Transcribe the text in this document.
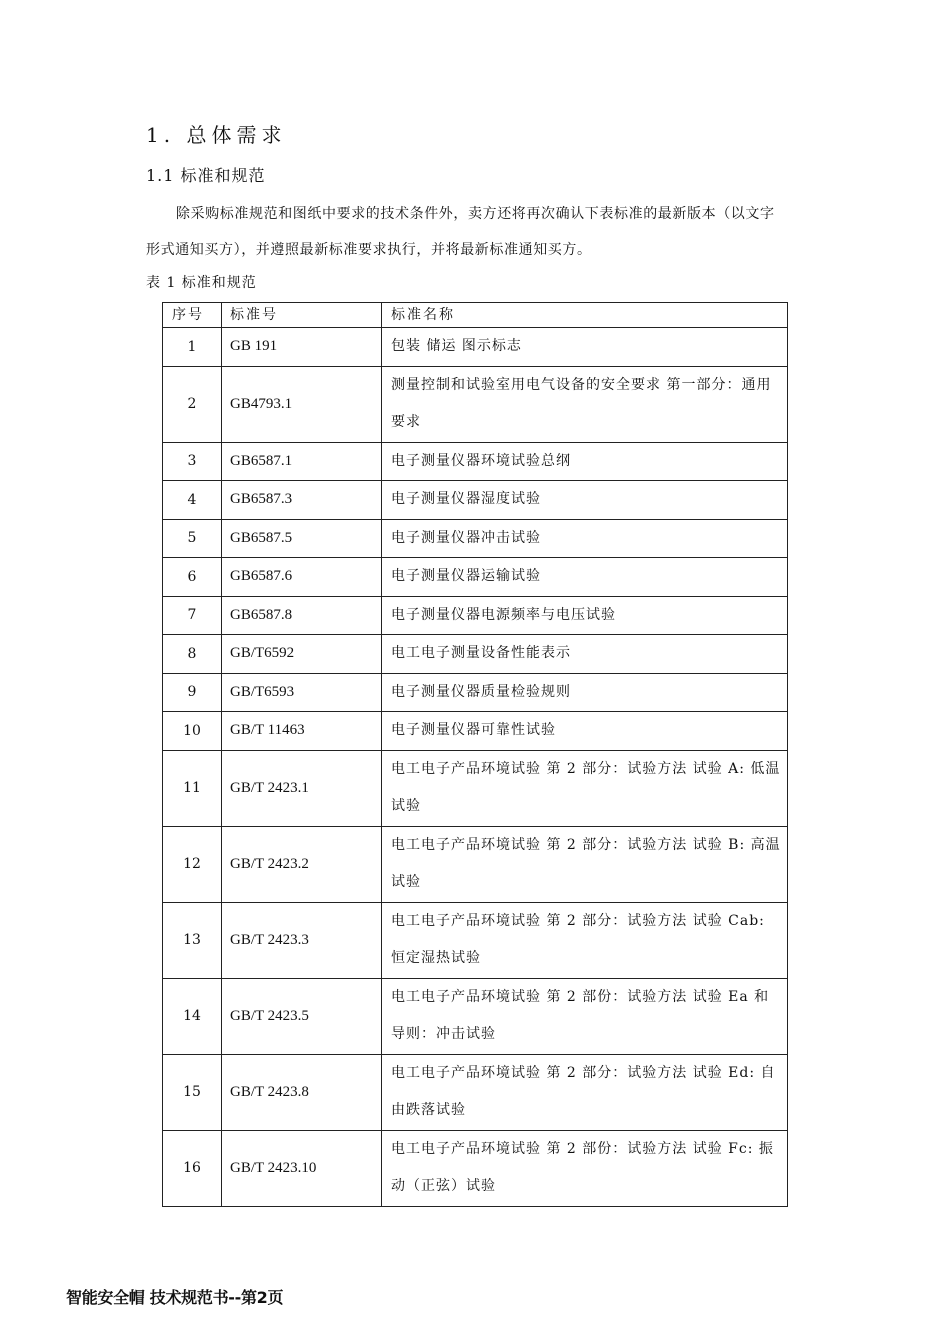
1. 总体需求
1.1 标准和规范

除采购标准规范和图纸中要求的技术条件外，卖方还将再次确认下表标准的最新版本（以文字形式通知买方），并遵照最新标准要求执行，并将最新标准通知买方。

表 1 标准和规范
序号	标准号	标准名称
1	GB 191	包装 储运 图示标志
2	GB4793.1	测量控制和试验室用电气设备的安全要求 第一部分：通用要求
3	GB6587.1	电子测量仪器环境试验总纲
4	GB6587.3	电子测量仪器湿度试验
5	GB6587.5	电子测量仪器冲击试验
6	GB6587.6	电子测量仪器运输试验
7	GB6587.8	电子测量仪器电源频率与电压试验
8	GB/T6592	电工电子测量设备性能表示
9	GB/T6593	电子测量仪器质量检验规则
10	GB/T 11463	电子测量仪器可靠性试验
11	GB/T 2423.1	电工电子产品环境试验 第 2 部分：试验方法 试验 A: 低温试验
12	GB/T 2423.2	电工电子产品环境试验 第 2 部分：试验方法 试验 B: 高温试验
13	GB/T 2423.3	电工电子产品环境试验 第 2 部分：试验方法 试验 Cab: 恒定湿热试验
14	GB/T 2423.5	电工电子产品环境试验 第 2 部份：试验方法 试验 Ea 和导则：冲击试验
15	GB/T 2423.8	电工电子产品环境试验 第 2 部分：试验方法 试验 Ed: 自由跌落试验
16	GB/T 2423.10	电工电子产品环境试验 第 2 部份：试验方法 试验 Fc: 振动（正弦）试验
智能安全帽 技术规范书--第2页
